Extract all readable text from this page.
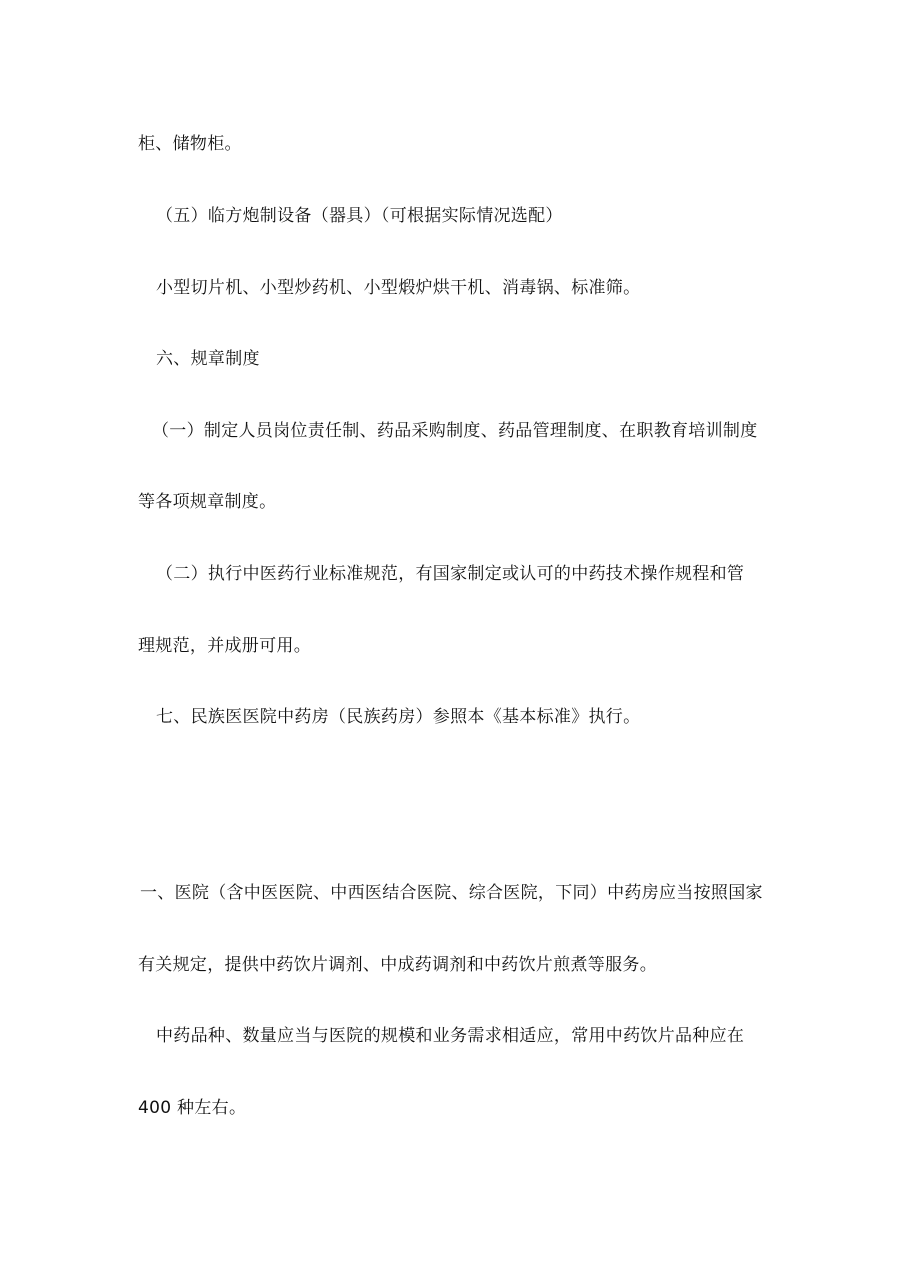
柜、储物柜。
（五）临方炮制设备（器具）（可根据实际情况选配）
小型切片机、小型炒药机、小型煅炉烘干机、消毒锅、标准筛。
六、规章制度
（一）制定人员岗位责任制、药品采购制度、药品管理制度、在职教育培训制度
等各项规章制度。
（二）执行中医药行业标准规范，有国家制定或认可的中药技术操作规程和管
理规范，并成册可用。
七、民族医医院中药房（民族药房）参照本《基本标准》执行。
一、医院（含中医医院、中西医结合医院、综合医院，下同）中药房应当按照国家
有关规定，提供中药饮片调剂、中成药调剂和中药饮片煎煮等服务。
中药品种、数量应当与医院的规模和业务需求相适应，常用中药饮片品种应在
400 种左右。
